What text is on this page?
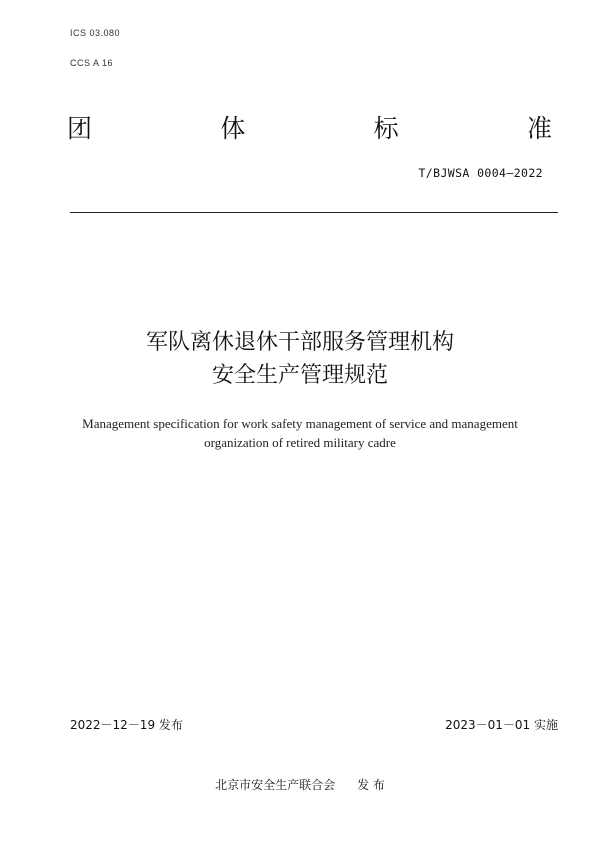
ICS 03.080
CCS A 16
团	体	标	准
T/BJWSA 0004—2022
军队离休退休干部服务管理机构
安全生产管理规范
Management specification for work safety management of service and management
organization of retired military cadre
2022－12－19 发布	2023－01－01 实施
北京市安全生产联合会 发 布
